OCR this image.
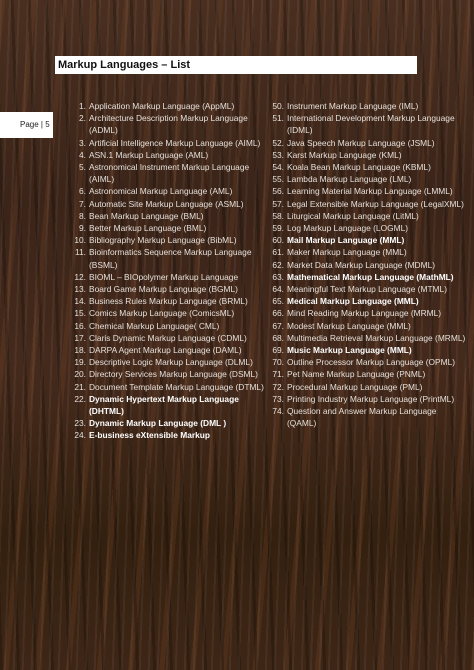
Markup Languages – List
Page | 5
1. Application Markup Language (AppML)
2. Architecture Description Markup Language (ADML)
3. Artificial Intelligence Markup Language (AIML)
4. ASN.1 Markup Language (AML)
5. Astronomical Instrument Markup Language (AIML)
6. Astronomical Markup Language (AML)
7. Automatic Site Markup Language (ASML)
8. Bean Markup Language (BML)
9. Better Markup Language (BML)
10. Bibliography Markup Language (BibML)
11. Bioinformatics Sequence Markup Language (BSML)
12. BIOML – BIOpolymer Markup Language
13. Board Game Markup Language (BGML)
14. Business Rules Markup Language (BRML)
15. Comics Markup Language (ComicsML)
16. Chemical Markup Language( CML)
17. Claris Dynamic Markup Language (CDML)
18. DARPA Agent Markup Language (DAML)
19. Descriptive Logic Markup Language (DLML)
20. Directory Services Markup Language (DSML)
21. Document Template Markup Language (DTML)
22. Dynamic Hypertext Markup Language (DHTML)
23. Dynamic Markup Language (DML )
24. E-business eXtensible Markup
50. Instrument Markup Language (IML)
51. International Development Markup Language (IDML)
52. Java Speech Markup Language (JSML)
53. Karst Markup Language (KML)
54. Koala Bean Markup Language (KBML)
55. Lambda Markup Language (LML)
56. Learning Material Markup Language (LMML)
57. Legal Extensible Markup Language (LegalXML)
58. Liturgical Markup Language (LitML)
59. Log Markup Language (LOGML)
60. Mail Markup Language (MML)
61. Maker Markup Language (MML)
62. Market Data Markup Language (MDML)
63. Mathematical Markup Language (MathML)
64. Meaningful Text Markup Language (MTML)
65. Medical Markup Language (MML)
66. Mind Reading Markup Language (MRML)
67. Modest Markup Language (MML)
68. Multimedia Retrieval Markup Language (MRML)
69. Music Markup Language (MML)
70. Outline Processor Markup Language (OPML)
71. Pet Name Markup Language (PNML)
72. Procedural Markup Language (PML)
73. Printing Industry Markup Language (PrintML)
74. Question and Answer Markup Language (QAML)
